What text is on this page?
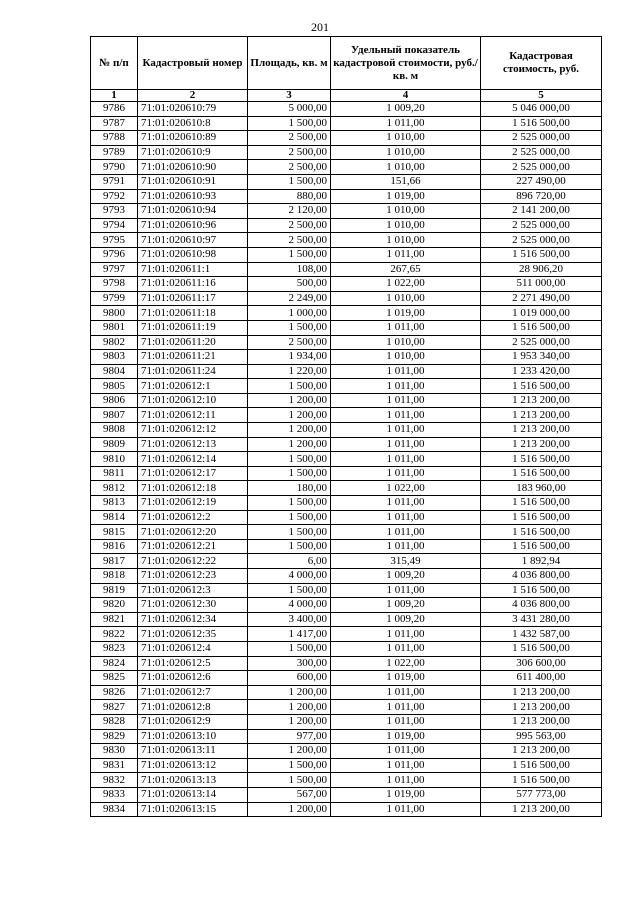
201
№ п/п	Кадастровый номер	Площадь, кв. м	Удельный показатель кадастровой стоимости, руб./кв. м	Кадастровая стоимость, руб.
1	2	3	4	5
9786	71:01:020610:79	5 000,00	1 009,20	5 046 000,00
9787	71:01:020610:8	1 500,00	1 011,00	1 516 500,00
9788	71:01:020610:89	2 500,00	1 010,00	2 525 000,00
9789	71:01:020610:9	2 500,00	1 010,00	2 525 000,00
9790	71:01:020610:90	2 500,00	1 010,00	2 525 000,00
9791	71:01:020610:91	1 500,00	151,66	227 490,00
9792	71:01:020610:93	880,00	1 019,00	896 720,00
9793	71:01:020610:94	2 120,00	1 010,00	2 141 200,00
9794	71:01:020610:96	2 500,00	1 010,00	2 525 000,00
9795	71:01:020610:97	2 500,00	1 010,00	2 525 000,00
9796	71:01:020610:98	1 500,00	1 011,00	1 516 500,00
9797	71:01:020611:1	108,00	267,65	28 906,20
9798	71:01:020611:16	500,00	1 022,00	511 000,00
9799	71:01:020611:17	2 249,00	1 010,00	2 271 490,00
9800	71:01:020611:18	1 000,00	1 019,00	1 019 000,00
9801	71:01:020611:19	1 500,00	1 011,00	1 516 500,00
9802	71:01:020611:20	2 500,00	1 010,00	2 525 000,00
9803	71:01:020611:21	1 934,00	1 010,00	1 953 340,00
9804	71:01:020611:24	1 220,00	1 011,00	1 233 420,00
9805	71:01:020612:1	1 500,00	1 011,00	1 516 500,00
9806	71:01:020612:10	1 200,00	1 011,00	1 213 200,00
9807	71:01:020612:11	1 200,00	1 011,00	1 213 200,00
9808	71:01:020612:12	1 200,00	1 011,00	1 213 200,00
9809	71:01:020612:13	1 200,00	1 011,00	1 213 200,00
9810	71:01:020612:14	1 500,00	1 011,00	1 516 500,00
9811	71:01:020612:17	1 500,00	1 011,00	1 516 500,00
9812	71:01:020612:18	180,00	1 022,00	183 960,00
9813	71:01:020612:19	1 500,00	1 011,00	1 516 500,00
9814	71:01:020612:2	1 500,00	1 011,00	1 516 500,00
9815	71:01:020612:20	1 500,00	1 011,00	1 516 500,00
9816	71:01:020612:21	1 500,00	1 011,00	1 516 500,00
9817	71:01:020612:22	6,00	315,49	1 892,94
9818	71:01:020612:23	4 000,00	1 009,20	4 036 800,00
9819	71:01:020612:3	1 500,00	1 011,00	1 516 500,00
9820	71:01:020612:30	4 000,00	1 009,20	4 036 800,00
9821	71:01:020612:34	3 400,00	1 009,20	3 431 280,00
9822	71:01:020612:35	1 417,00	1 011,00	1 432 587,00
9823	71:01:020612:4	1 500,00	1 011,00	1 516 500,00
9824	71:01:020612:5	300,00	1 022,00	306 600,00
9825	71:01:020612:6	600,00	1 019,00	611 400,00
9826	71:01:020612:7	1 200,00	1 011,00	1 213 200,00
9827	71:01:020612:8	1 200,00	1 011,00	1 213 200,00
9828	71:01:020612:9	1 200,00	1 011,00	1 213 200,00
9829	71:01:020613:10	977,00	1 019,00	995 563,00
9830	71:01:020613:11	1 200,00	1 011,00	1 213 200,00
9831	71:01:020613:12	1 500,00	1 011,00	1 516 500,00
9832	71:01:020613:13	1 500,00	1 011,00	1 516 500,00
9833	71:01:020613:14	567,00	1 019,00	577 773,00
9834	71:01:020613:15	1 200,00	1 011,00	1 213 200,00
